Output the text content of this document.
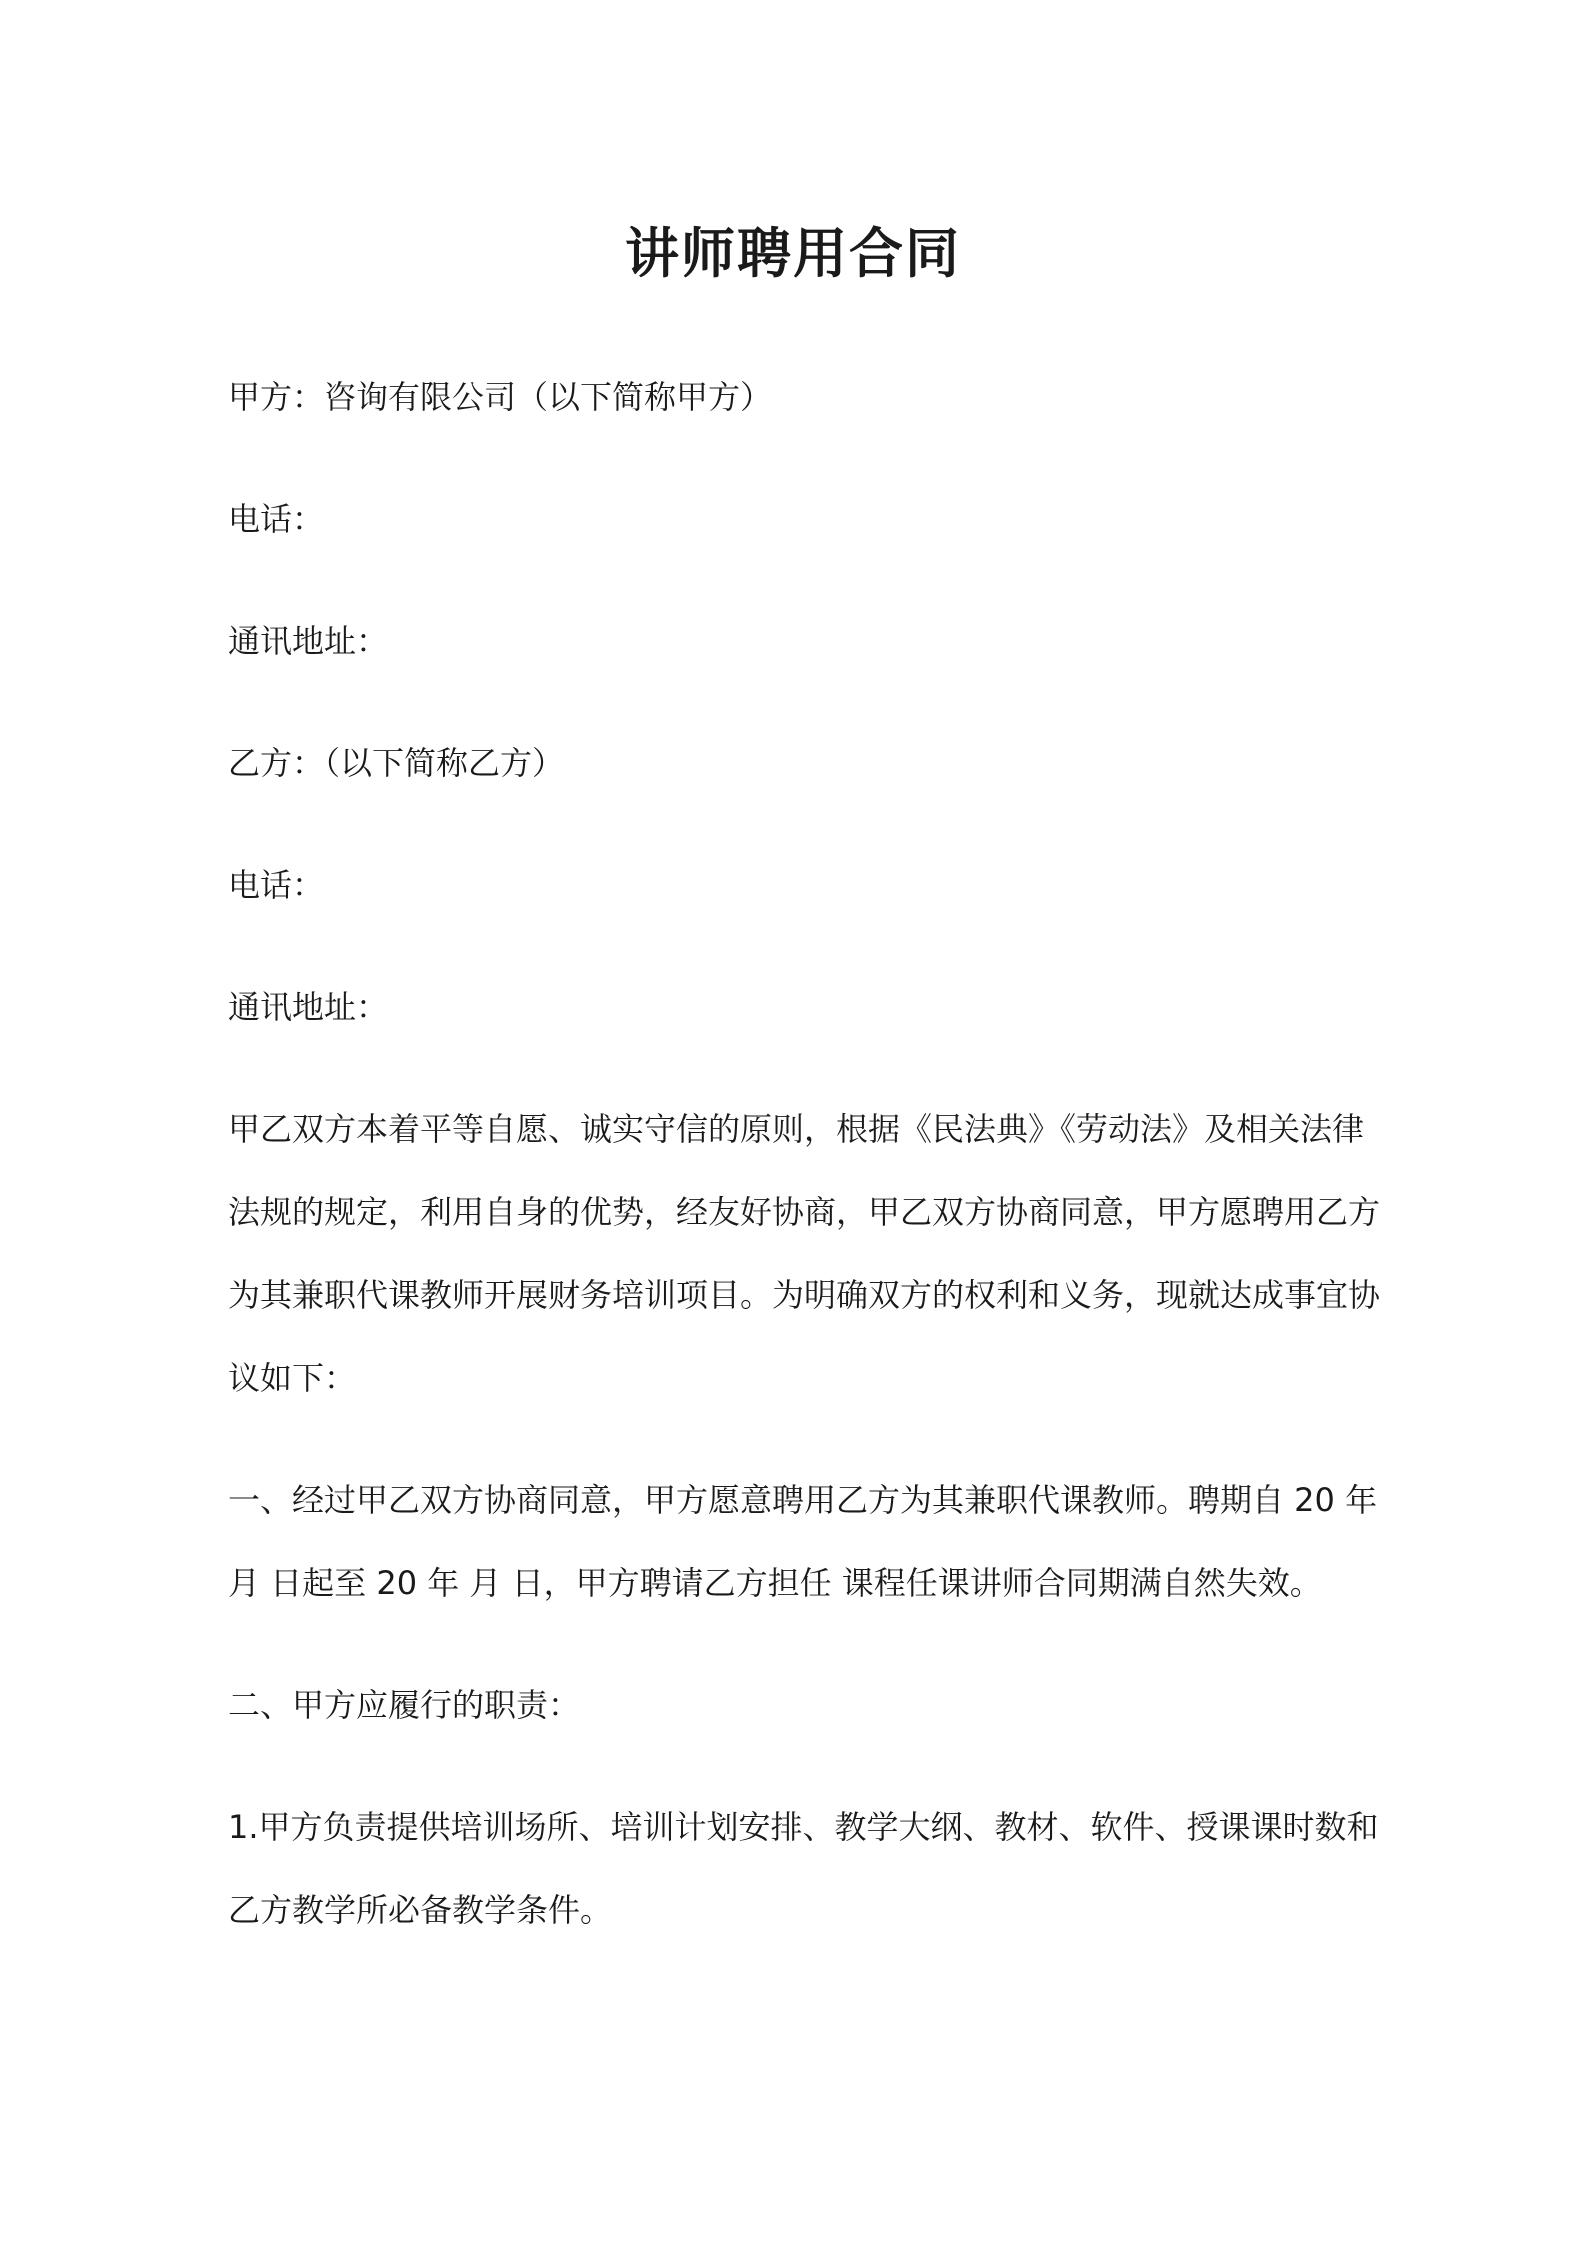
讲师聘用合同
甲方：咨询有限公司（以下简称甲方）
电话：
通讯地址：
乙方：（以下简称乙方）
电话：
通讯地址：
甲乙双方本着平等自愿、诚实守信的原则，根据《民法典》《劳动法》及相关法律
法规的规定，利用自身的优势，经友好协商，甲乙双方协商同意，甲方愿聘用乙方
为其兼职代课教师开展财务培训项目。为明确双方的权利和义务，现就达成事宜协
议如下：
一、经过甲乙双方协商同意，甲方愿意聘用乙方为其兼职代课教师。聘期自 20 年
月 日起至 20 年 月 日，甲方聘请乙方担任 课程任课讲师合同期满自然失效。
二、甲方应履行的职责：
1.甲方负责提供培训场所、培训计划安排、教学大纲、教材、软件、授课课时数和
乙方教学所必备教学条件。
